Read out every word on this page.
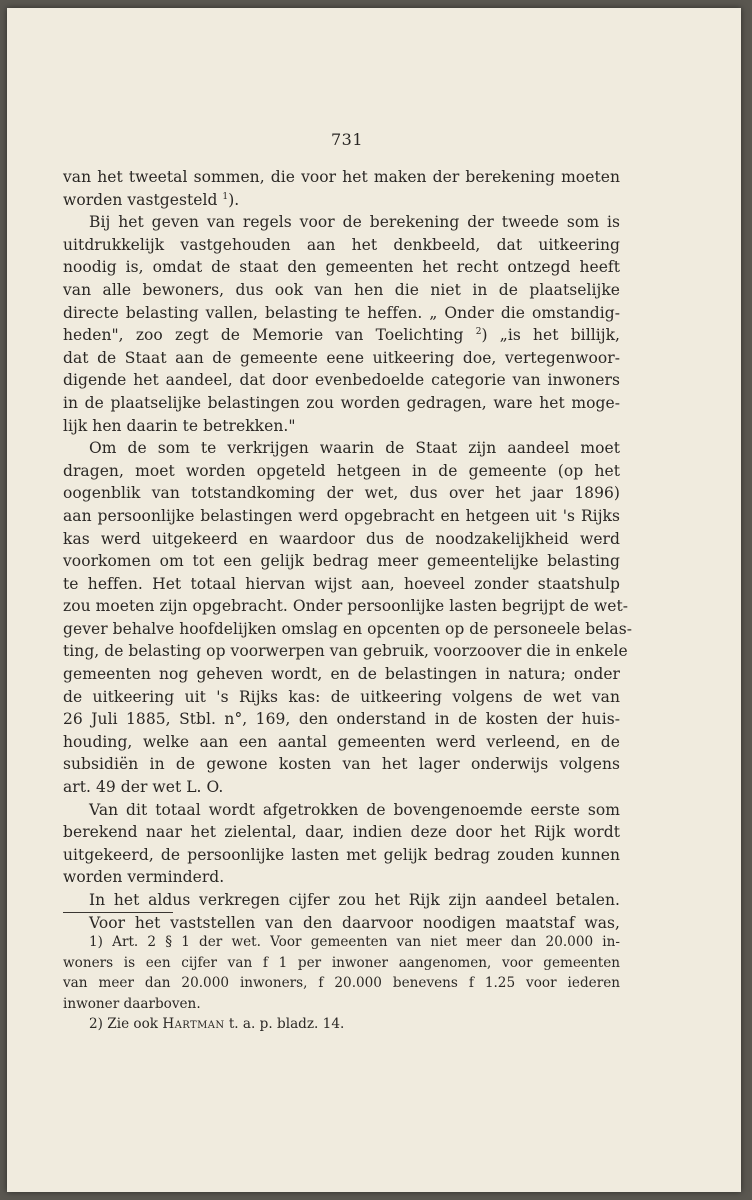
731
van het tweetal sommen, die voor het maken der berekening moeten
worden vastgesteld $^1$).
Bij het geven van regels voor de berekening der tweede som is
uitdrukkelijk vastgehouden aan het denkbeeld, dat uitkeering
noodig is, omdat de staat den gemeenten het recht ontzegd heeft
van alle bewoners, dus ook van hen die niet in de plaatselijke
directe belasting vallen, belasting te heffen. „ Onder die omstandig-
heden", zoo zegt de Memorie van Toelichting $^2$) „is het billijk,
dat de Staat aan de gemeente eene uitkeering doe, vertegenwoor-
digende het aandeel, dat door evenbedoelde categorie van inwoners
in de plaatselijke belastingen zou worden gedragen, ware het moge-
lijk hen daarin te betrekken."
Om de som te verkrijgen waarin de Staat zijn aandeel moet
dragen, moet worden opgeteld hetgeen in de gemeente (op het
oogenblik van totstandkoming der wet, dus over het jaar 1896)
aan persoonlijke belastingen werd opgebracht en hetgeen uit 's Rijks
kas werd uitgekeerd en waardoor dus de noodzakelijkheid werd
voorkomen om tot een gelijk bedrag meer gemeentelijke belasting
te heffen. Het totaal hiervan wijst aan, hoeveel zonder staatshulp
zou moeten zijn opgebracht. Onder persoonlijke lasten begrijpt de wet-
gever behalve hoofdelijken omslag en opcenten op de personeele belas-
ting, de belasting op voorwerpen van gebruik, voorzoover die in enkele
gemeenten nog geheven wordt, en de belastingen in natura; onder
de uitkeering uit 's Rijks kas: de uitkeering volgens de wet van
26 Juli 1885, Stbl. n°, 169, den onderstand in de kosten der huis-
houding, welke aan een aantal gemeenten werd verleend, en de
subsidiën in de gewone kosten van het lager onderwijs volgens
art. 49 der wet L. O.
Van dit totaal wordt afgetrokken de bovengenoemde eerste som
berekend naar het zielental, daar, indien deze door het Rijk wordt
uitgekeerd, de persoonlijke lasten met gelijk bedrag zouden kunnen
worden verminderd.
In het aldus verkregen cijfer zou het Rijk zijn aandeel betalen.
Voor het vaststellen van den daarvoor noodigen maatstaf was,
1) Art. 2 § 1 der wet. Voor gemeenten van niet meer dan 20.000 in-
woners is een cijfer van f 1 per inwoner aangenomen, voor gemeenten
van meer dan 20.000 inwoners, f 20.000 benevens f 1.25 voor iederen
inwoner daarboven.
2) Zie ook Hartman t. a. p. bladz. 14.
